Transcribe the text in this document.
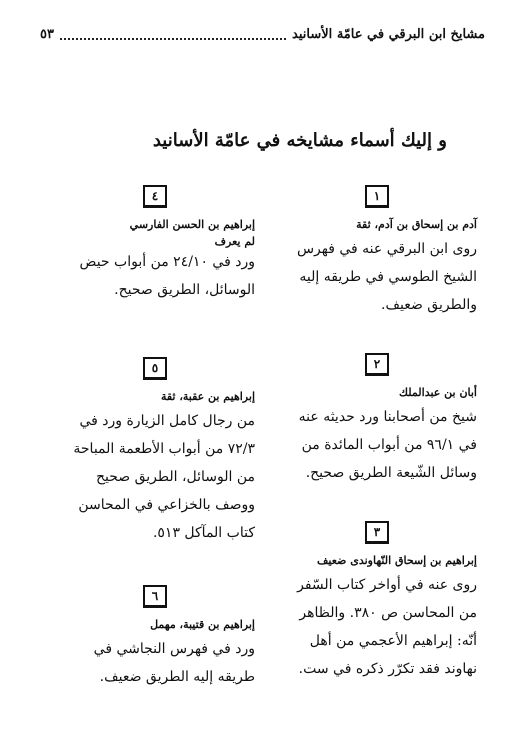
٥٣	مشايخ ابن البرقي في عامّة الأسانيد
و إليك أسماء مشايخه في عامّة الأسانيد
١
آدم بن إسحاق بن آدم، ثقة
روى ابن البرقي عنه في فهرس الشيخ الطوسي في طريقه إليه والطريق ضعيف.
٢
أبان بن عبدالملك
شيخ من أصحابنا ورد حديثه عنه في ٩٦/١ من أبواب المائدة من وسائل الشّيعة الطريق صحيح.
٣
إبراهيم بن إسحاق النّهاوندی ضعيف
روى عنه في أواخر كتاب السّفر من المحاسن ص ٣٨٠. والظاهر أنّه: إبراهيم الأعجمي من أهل نهاوند فقد تكرّر ذكره في ست.
٤
إبراهيم بن الحسن الفارسي
لم يعرف
ورد في ٢٤/١٠ من أبواب حيض الوسائل، الطريق صحيح.
٥
إبراهيم بن عقبة، ثقة
من رجال كامل الزيارة ورد في ٧٢/٣ من أبواب الأطعمة المباحة من الوسائل، الطريق صحيح ووصف بالخزاعي في المحاسن كتاب المآكل ٥١٣.
٦
إبراهيم بن قتيبة، مهمل
ورد في فهرس النجاشي في طريقه إليه الطريق ضعيف.
